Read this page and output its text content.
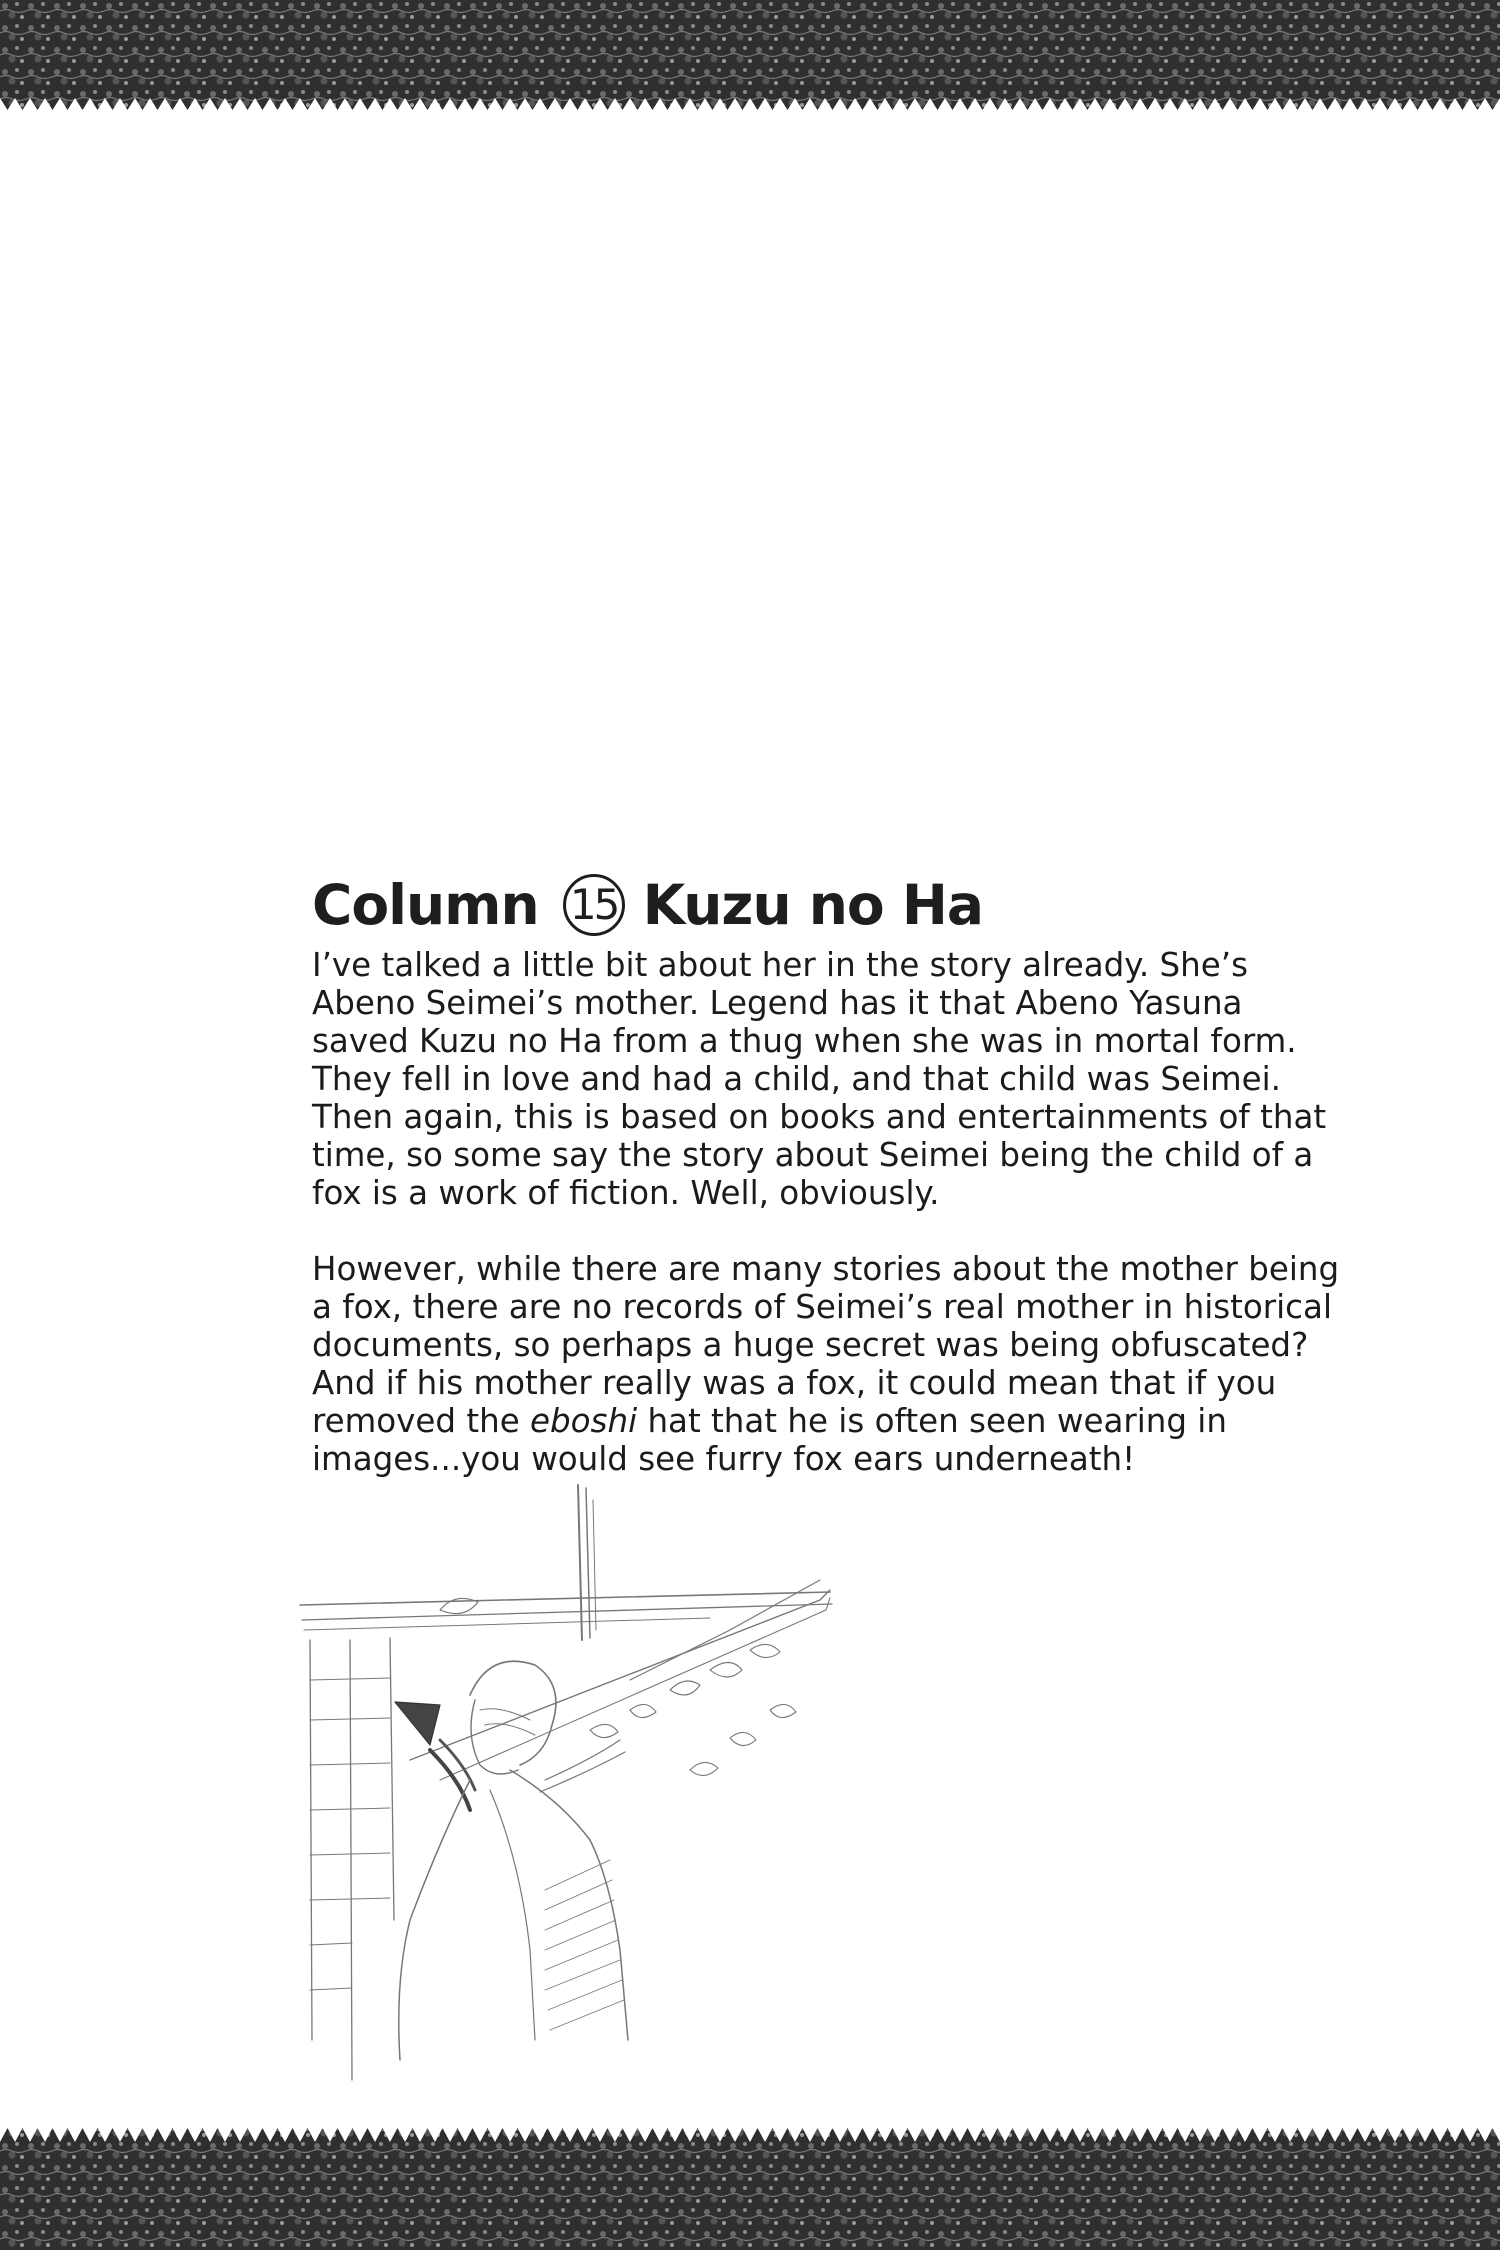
Column 15 Kuzu no Ha

I’ve talked a little bit about her in the story already. She’s
Abeno Seimei’s mother. Legend has it that Abeno Yasuna
saved Kuzu no Ha from a thug when she was in mortal form.
They fell in love and had a child, and that child was Seimei.
Then again, this is based on books and entertainments of that
time, so some say the story about Seimei being the child of a
fox is a work of fiction. Well, obviously.

However, while there are many stories about the mother being
a fox, there are no records of Seimei’s real mother in historical
documents, so perhaps a huge secret was being obfuscated?
And if his mother really was a fox, it could mean that if you
removed the eboshi hat that he is often seen wearing in
images...you would see furry fox ears underneath!
